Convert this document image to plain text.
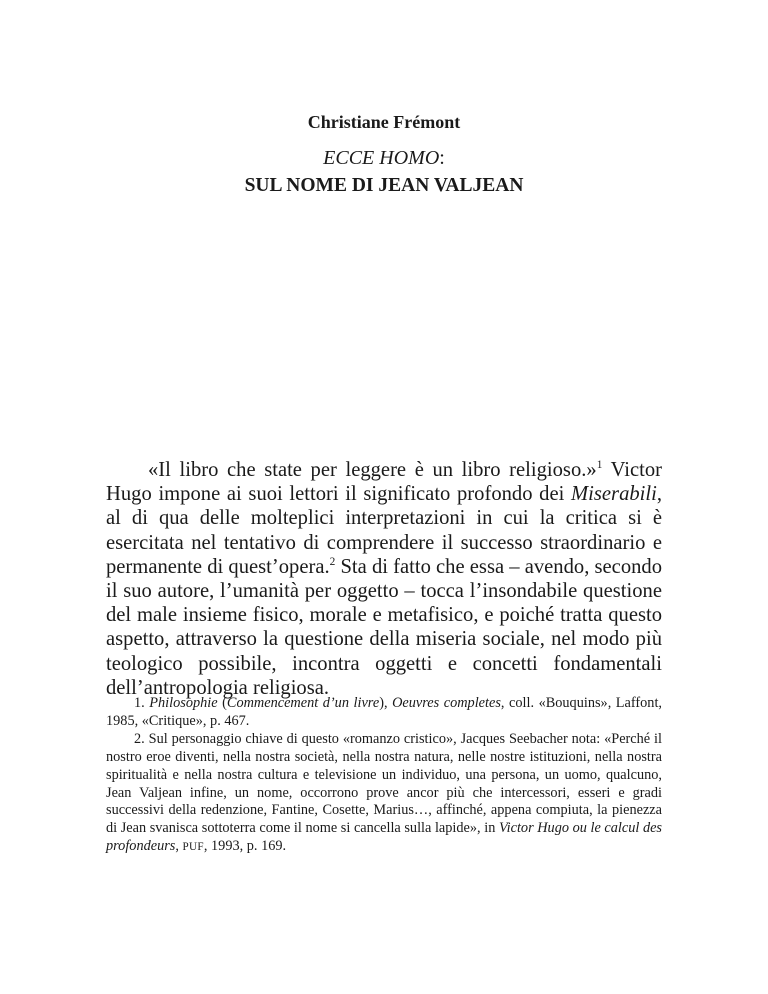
Christiane Frémont
ECCE HOMO:
SUL NOME DI JEAN VALJEAN

«Il libro che state per leggere è un libro religioso.»$^1$ Victor Hugo impone ai suoi lettori il significato profondo dei Miserabili, al di qua delle molteplici interpretazioni in cui la critica si è esercitata nel tentativo di comprendere il successo straordinario e permanente di quest’opera.$^2$ Sta di fatto che essa – avendo, secondo il suo autore, l’umanità per oggetto – tocca l’insondabile questione del male insieme fisico, morale e metafisico, e poiché tratta questo aspetto, attraverso la questione della miseria sociale, nel modo più teologico possibile, incontra oggetti e concetti fondamentali dell’antropologia religiosa.

1. Philosophie (Commencement d’un livre), Oeuvres completes, coll. «Bouquins», Laffont, 1985, «Critique», p. 467.

2. Sul personaggio chiave di questo «romanzo cristico», Jacques Seebacher nota: «Perché il nostro eroe diventi, nella nostra società, nella nostra natura, nelle nostre istituzioni, nella nostra spiritualità e nella nostra cultura e televisione un individuo, una persona, un uomo, qualcuno, Jean Valjean infine, un nome, occorrono prove ancor più che intercessori, esseri e gradi successivi della redenzione, Fantine, Cosette, Marius…, affinché, appena compiuta, la pienezza di Jean svanisca sottoterra come il nome si cancella sulla lapide», in Victor Hugo ou le calcul des profondeurs, PUF, 1993, p. 169.
